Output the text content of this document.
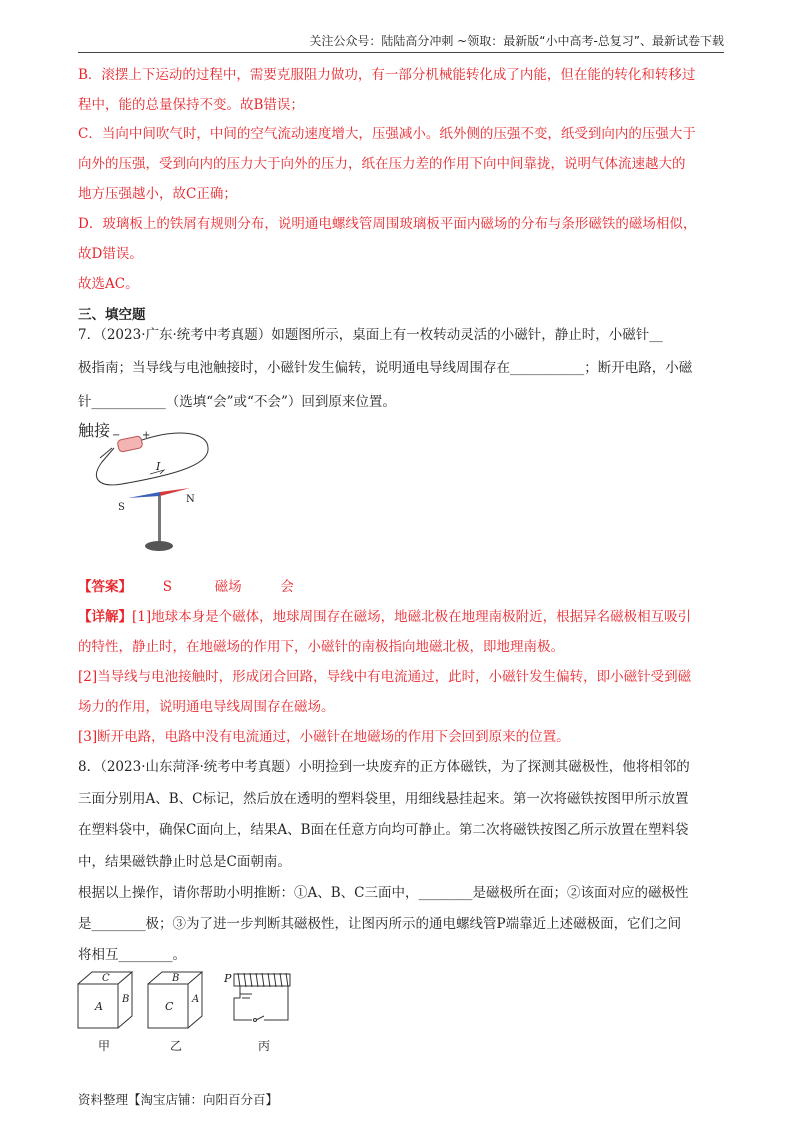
关注公众号：陆陆高分冲刺 ~领取：最新版“小中高考-总复习”、最新试卷下载
B．滚摆上下运动的过程中，需要克服阻力做功，有一部分机械能转化成了内能，但在能的转化和转移过
程中，能的总量保持不变。故B错误；
C．当向中间吹气时，中间的空气流动速度增大，压强减小。纸外侧的压强不变，纸受到向内的压强大于
向外的压强，受到向内的压力大于向外的压力，纸在压力差的作用下向中间靠拢，说明气体流速越大的
地方压强越小，故C正确；
D．玻璃板上的铁屑有规则分布，说明通电螺线管周围玻璃板平面内磁场的分布与条形磁铁的磁场相似，
故D错误。
故选AC。
三、填空题
7．（2023·广东·统考中考真题）如题图所示，桌面上有一枚转动灵活的小磁针，静止时，小磁针__
极指南；当导线与电池触接时，小磁针发生偏转，说明通电导线周围存在___________；断开电路，小磁
针___________（选填“会”或“不会”）回到原来位置。
触接 − +
I
S
N
【答案】 S	磁场	会
【详解】[1]地球本身是个磁体，地球周围存在磁场，地磁北极在地理南极附近，根据异名磁极相互吸引
的特性，静止时，在地磁场的作用下，小磁针的南极指向地磁北极，即地理南极。
[2]当导线与电池接触时，形成闭合回路，导线中有电流通过，此时，小磁针发生偏转，即小磁针受到磁
场力的作用，说明通电导线周围存在磁场。
[3]断开电路，电路中没有电流通过，小磁针在地磁场的作用下会回到原来的位置。
8．（2023·山东菏泽·统考中考真题）小明捡到一块废弃的正方体磁铁，为了探测其磁极性，他将相邻的
三面分别用A、B、C标记，然后放在透明的塑料袋里，用细线悬挂起来。第一次将磁铁按图甲所示放置
在塑料袋中，确保C面向上，结果A、B面在任意方向均可静止。第二次将磁铁按图乙所示放置在塑料袋
中，结果磁铁静止时总是C面朝南。
根据以上操作，请你帮助小明推断：①A、B、C三面中，________是磁极所在面；②该面对应的磁极性
是________极；③为了进一步判断其磁极性，让图丙所示的通电螺线管P端靠近上述磁极面，它们之间
将相互________。
C
A
B
甲
B
C
A
乙
P
丙
资料整理【淘宝店铺：向阳百分百】
